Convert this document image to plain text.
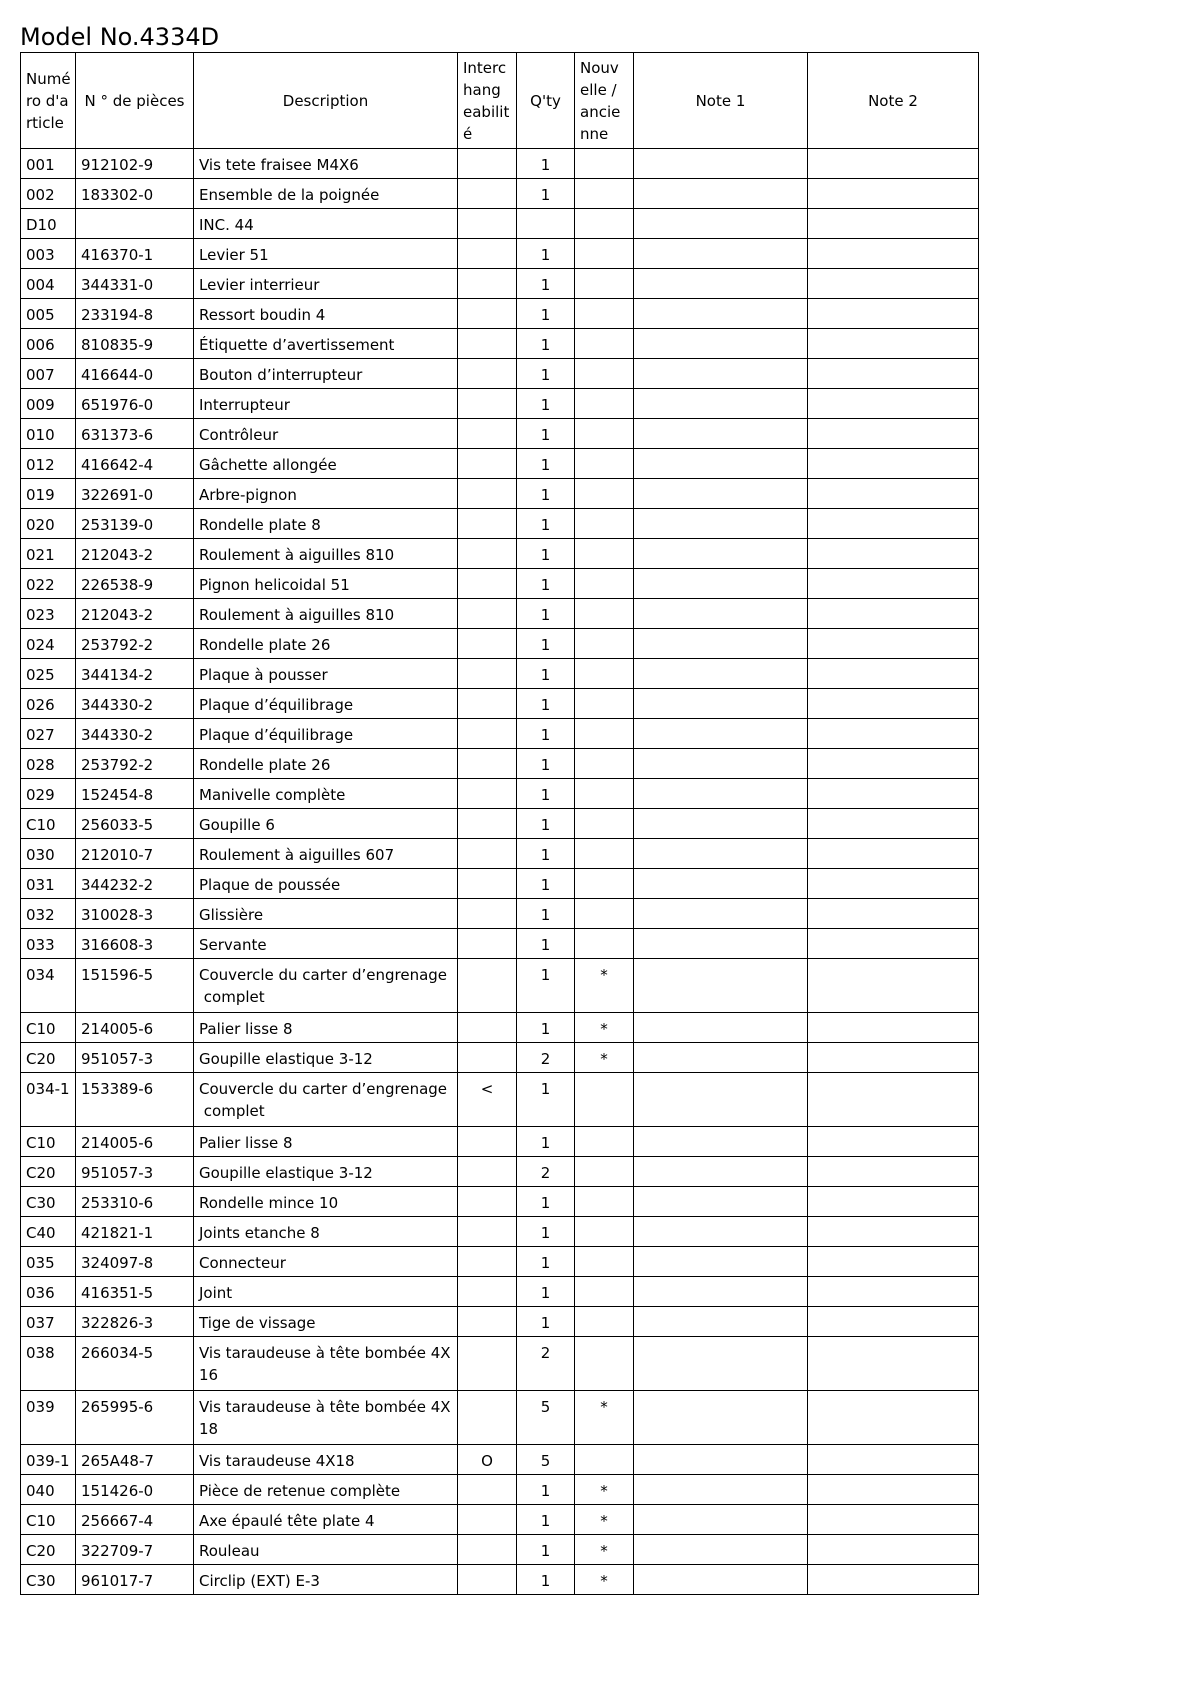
Model No.4334D
Numé
ro d'a
rticle	N ° de pièces	Description	Interc
hang
eabilit
é	Q'ty	Nouv
elle /
ancie
nne	Note 1	Note 2
001	912102-9	Vis tete fraisee M4X6		1			
002	183302-0	Ensemble de la poignée		1			
D10		INC. 44					
003	416370-1	Levier 51		1			
004	344331-0	Levier interrieur		1			
005	233194-8	Ressort boudin 4		1			
006	810835-9	Étiquette d’avertissement		1			
007	416644-0	Bouton d’interrupteur		1			
009	651976-0	Interrupteur		1			
010	631373-6	Contrôleur		1			
012	416642-4	Gâchette allongée		1			
019	322691-0	Arbre-pignon		1			
020	253139-0	Rondelle plate 8		1			
021	212043-2	Roulement à aiguilles 810		1			
022	226538-9	Pignon helicoidal 51		1			
023	212043-2	Roulement à aiguilles 810		1			
024	253792-2	Rondelle plate 26		1			
025	344134-2	Plaque à pousser		1			
026	344330-2	Plaque d’équilibrage		1			
027	344330-2	Plaque d’équilibrage		1			
028	253792-2	Rondelle plate 26		1			
029	152454-8	Manivelle complète		1			
C10	256033-5	Goupille 6		1			
030	212010-7	Roulement à aiguilles 607		1			
031	344232-2	Plaque de poussée		1			
032	310028-3	Glissière		1			
033	316608-3	Servante		1			
034	151596-5	Couvercle du carter d’engrenage
complet		1	*		
C10	214005-6	Palier lisse 8		1	*		
C20	951057-3	Goupille elastique 3-12		2	*		
034-1	153389-6	Couvercle du carter d’engrenage
complet	<	1			
C10	214005-6	Palier lisse 8		1			
C20	951057-3	Goupille elastique 3-12		2			
C30	253310-6	Rondelle mince 10		1			
C40	421821-1	Joints etanche 8		1			
035	324097-8	Connecteur		1			
036	416351-5	Joint		1			
037	322826-3	Tige de vissage		1			
038	266034-5	Vis taraudeuse à tête bombée 4X
16		2			
039	265995-6	Vis taraudeuse à tête bombée 4X
18		5	*		
039-1	265A48-7	Vis taraudeuse 4X18	O	5			
040	151426-0	Pièce de retenue complète		1	*		
C10	256667-4	Axe épaulé tête plate 4		1	*		
C20	322709-7	Rouleau		1	*		
C30	961017-7	Circlip (EXT) E-3		1	*		
